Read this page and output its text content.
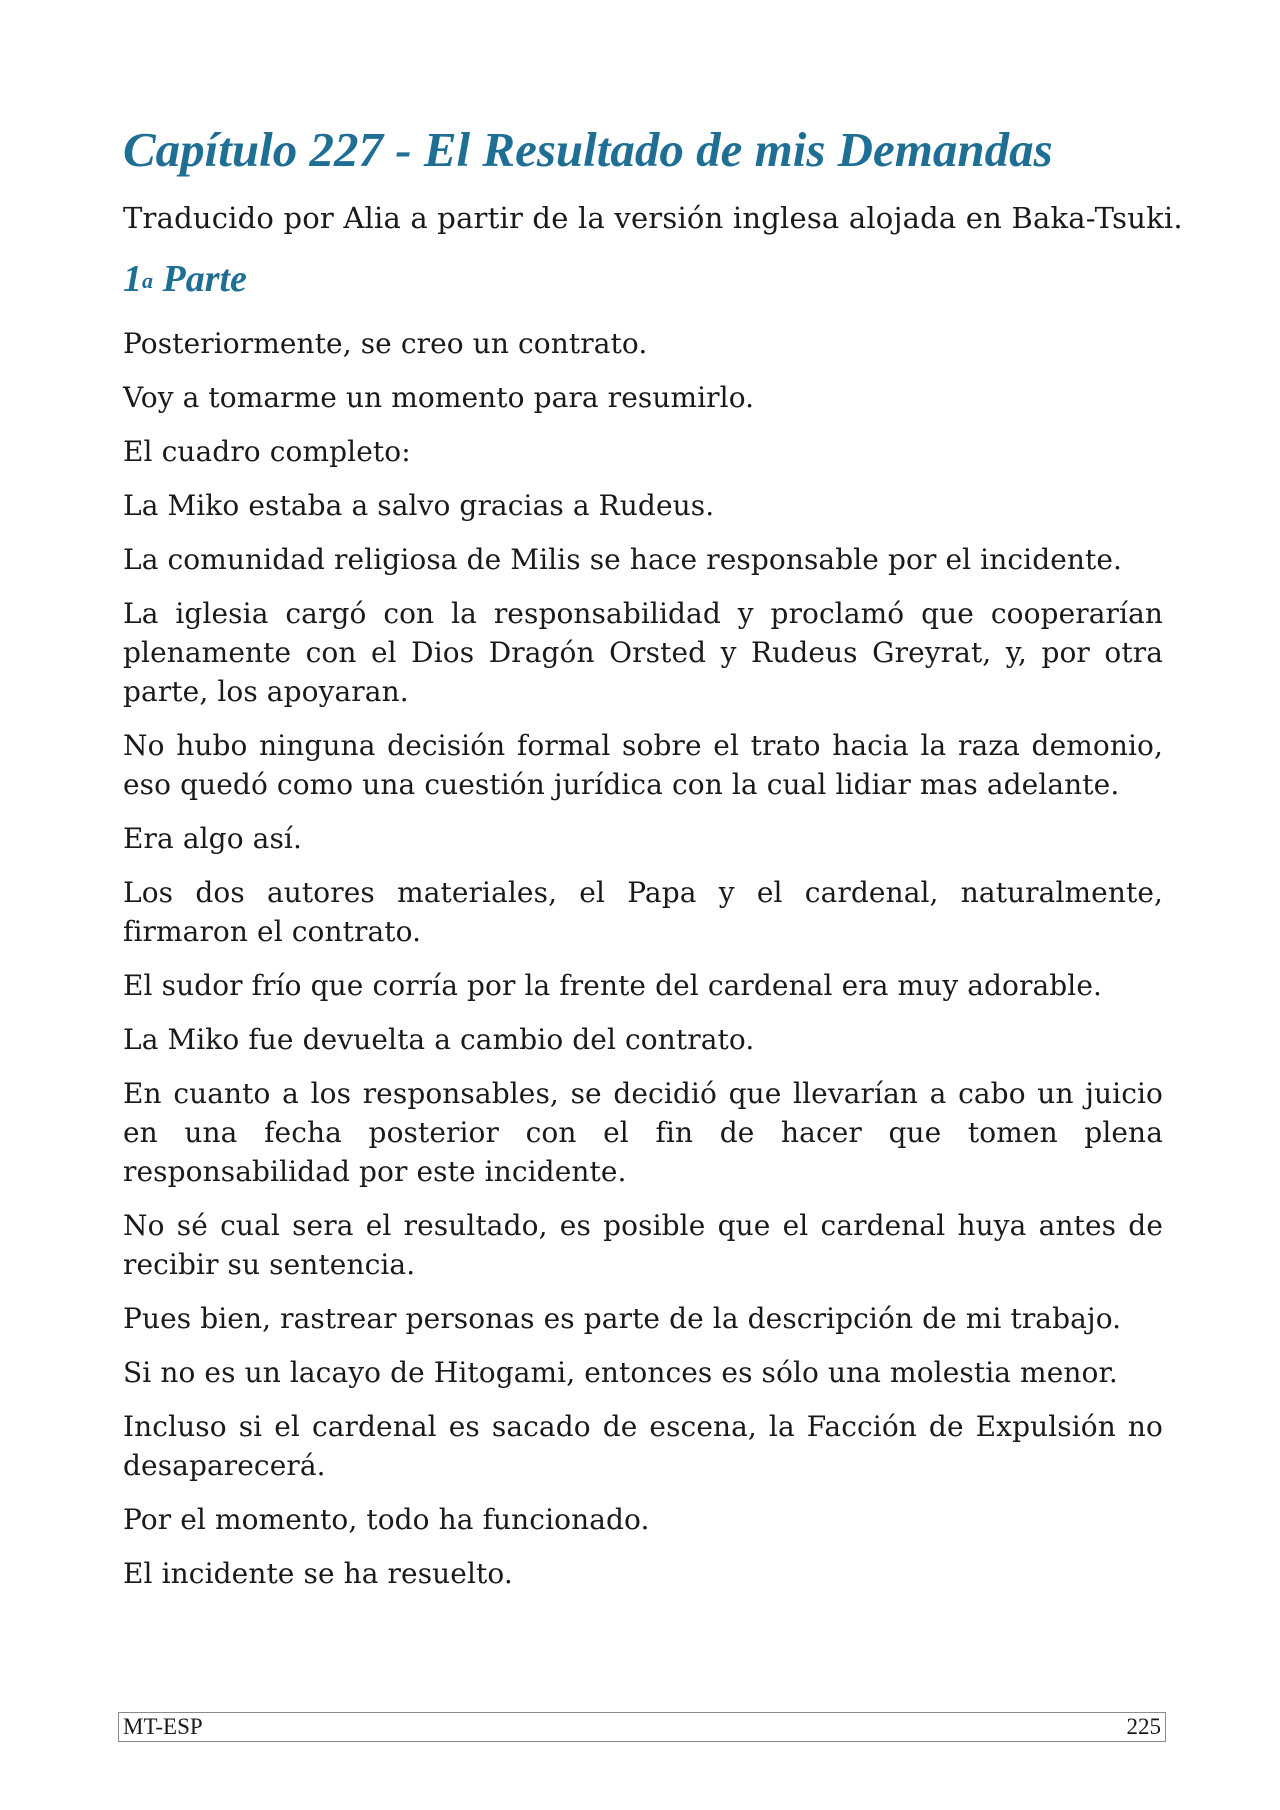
Capítulo 227 - El Resultado de mis Demandas

Traducido por Alia a partir de la versión inglesa alojada en Baka-Tsuki.

1$^a$ Parte

Posteriormente, se creo un contrato.

Voy a tomarme un momento para resumirlo.

El cuadro completo:

La Miko estaba a salvo gracias a Rudeus.

La comunidad religiosa de Milis se hace responsable por el incidente.

La iglesia cargó con la responsabilidad y proclamó que cooperarían plenamente con el Dios Dragón Orsted y Rudeus Greyrat, y, por otra parte, los apoyaran.

No hubo ninguna decisión formal sobre el trato hacia la raza demonio, eso quedó como una cuestión jurídica con la cual lidiar mas adelante.

Era algo así.

Los dos autores materiales, el Papa y el cardenal, naturalmente, firmaron el contrato.

El sudor frío que corría por la frente del cardenal era muy adorable.

La Miko fue devuelta a cambio del contrato.

En cuanto a los responsables, se decidió que llevarían a cabo un juicio en una fecha posterior con el fin de hacer que tomen plena responsabilidad por este incidente.

No sé cual sera el resultado, es posible que el cardenal huya antes de recibir su sentencia.

Pues bien, rastrear personas es parte de la descripción de mi trabajo.

Si no es un lacayo de Hitogami, entonces es sólo una molestia menor.

Incluso si el cardenal es sacado de escena, la Facción de Expulsión no desaparecerá.

Por el momento, todo ha funcionado.

El incidente se ha resuelto.

MT-ESP	225
